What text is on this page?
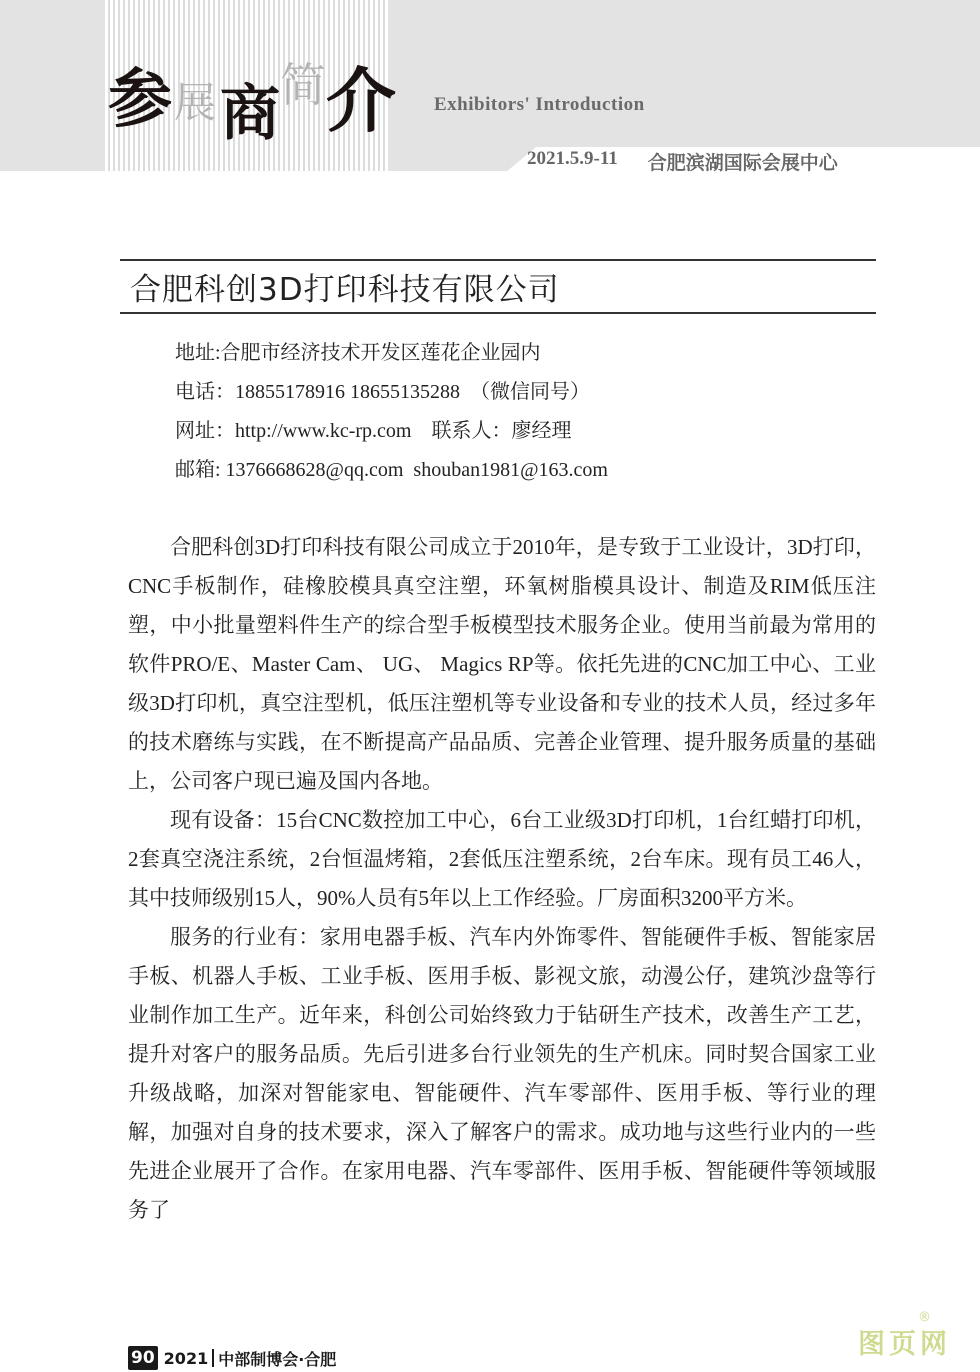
参 展 商 简 介 Exhibitors' Introduction
2021.5.9-11 合肥滨湖国际会展中心
合肥科创3D打印科技有限公司
地址:合肥市经济技术开发区莲花企业园内
电话：18855178916 18655135288  （微信同号）
网址：http://www.kc-rp.com    联系人：廖经理
邮箱: 1376668628@qq.com  shouban1981@163.com

合肥科创3D打印科技有限公司成立于2010年，是专致于工业设计，3D打印，CNC手板制作，硅橡胶模具真空注塑，环氧树脂模具设计、制造及RIM低压注塑，中小批量塑料件生产的综合型手板模型技术服务企业。使用当前最为常用的软件PRO/E、Master Cam、 UG、 Magics RP等。依托先进的CNC加工中心、工业级3D打印机，真空注型机，低压注塑机等专业设备和专业的技术人员，经过多年的技术磨练与实践，在不断提高产品品质、完善企业管理、提升服务质量的基础上，公司客户现已遍及国内各地。

现有设备：15台CNC数控加工中心，6台工业级3D打印机，1台红蜡打印机，2套真空浇注系统，2台恒温烤箱，2套低压注塑系统，2台车床。现有员工46人，其中技师级别15人，90%人员有5年以上工作经验。厂房面积3200平方米。

服务的行业有：家用电器手板、汽车内外饰零件、智能硬件手板、智能家居手板、机器人手板、工业手板、医用手板、影视文旅，动漫公仔，建筑沙盘等行业制作加工生产。近年来，科创公司始终致力于钻研生产技术，改善生产工艺，提升对客户的服务品质。先后引进多台行业领先的生产机床。同时契合国家工业升级战略，加深对智能家电、智能硬件、汽车零部件、医用手板、等行业的理解，加强对自身的技术要求，深入了解客户的需求。成功地与这些行业内的一些先进企业展开了合作。在家用电器、汽车零部件、医用手板、智能硬件等领域服务了

90 2021 中部制博会·合肥	图页网
®
